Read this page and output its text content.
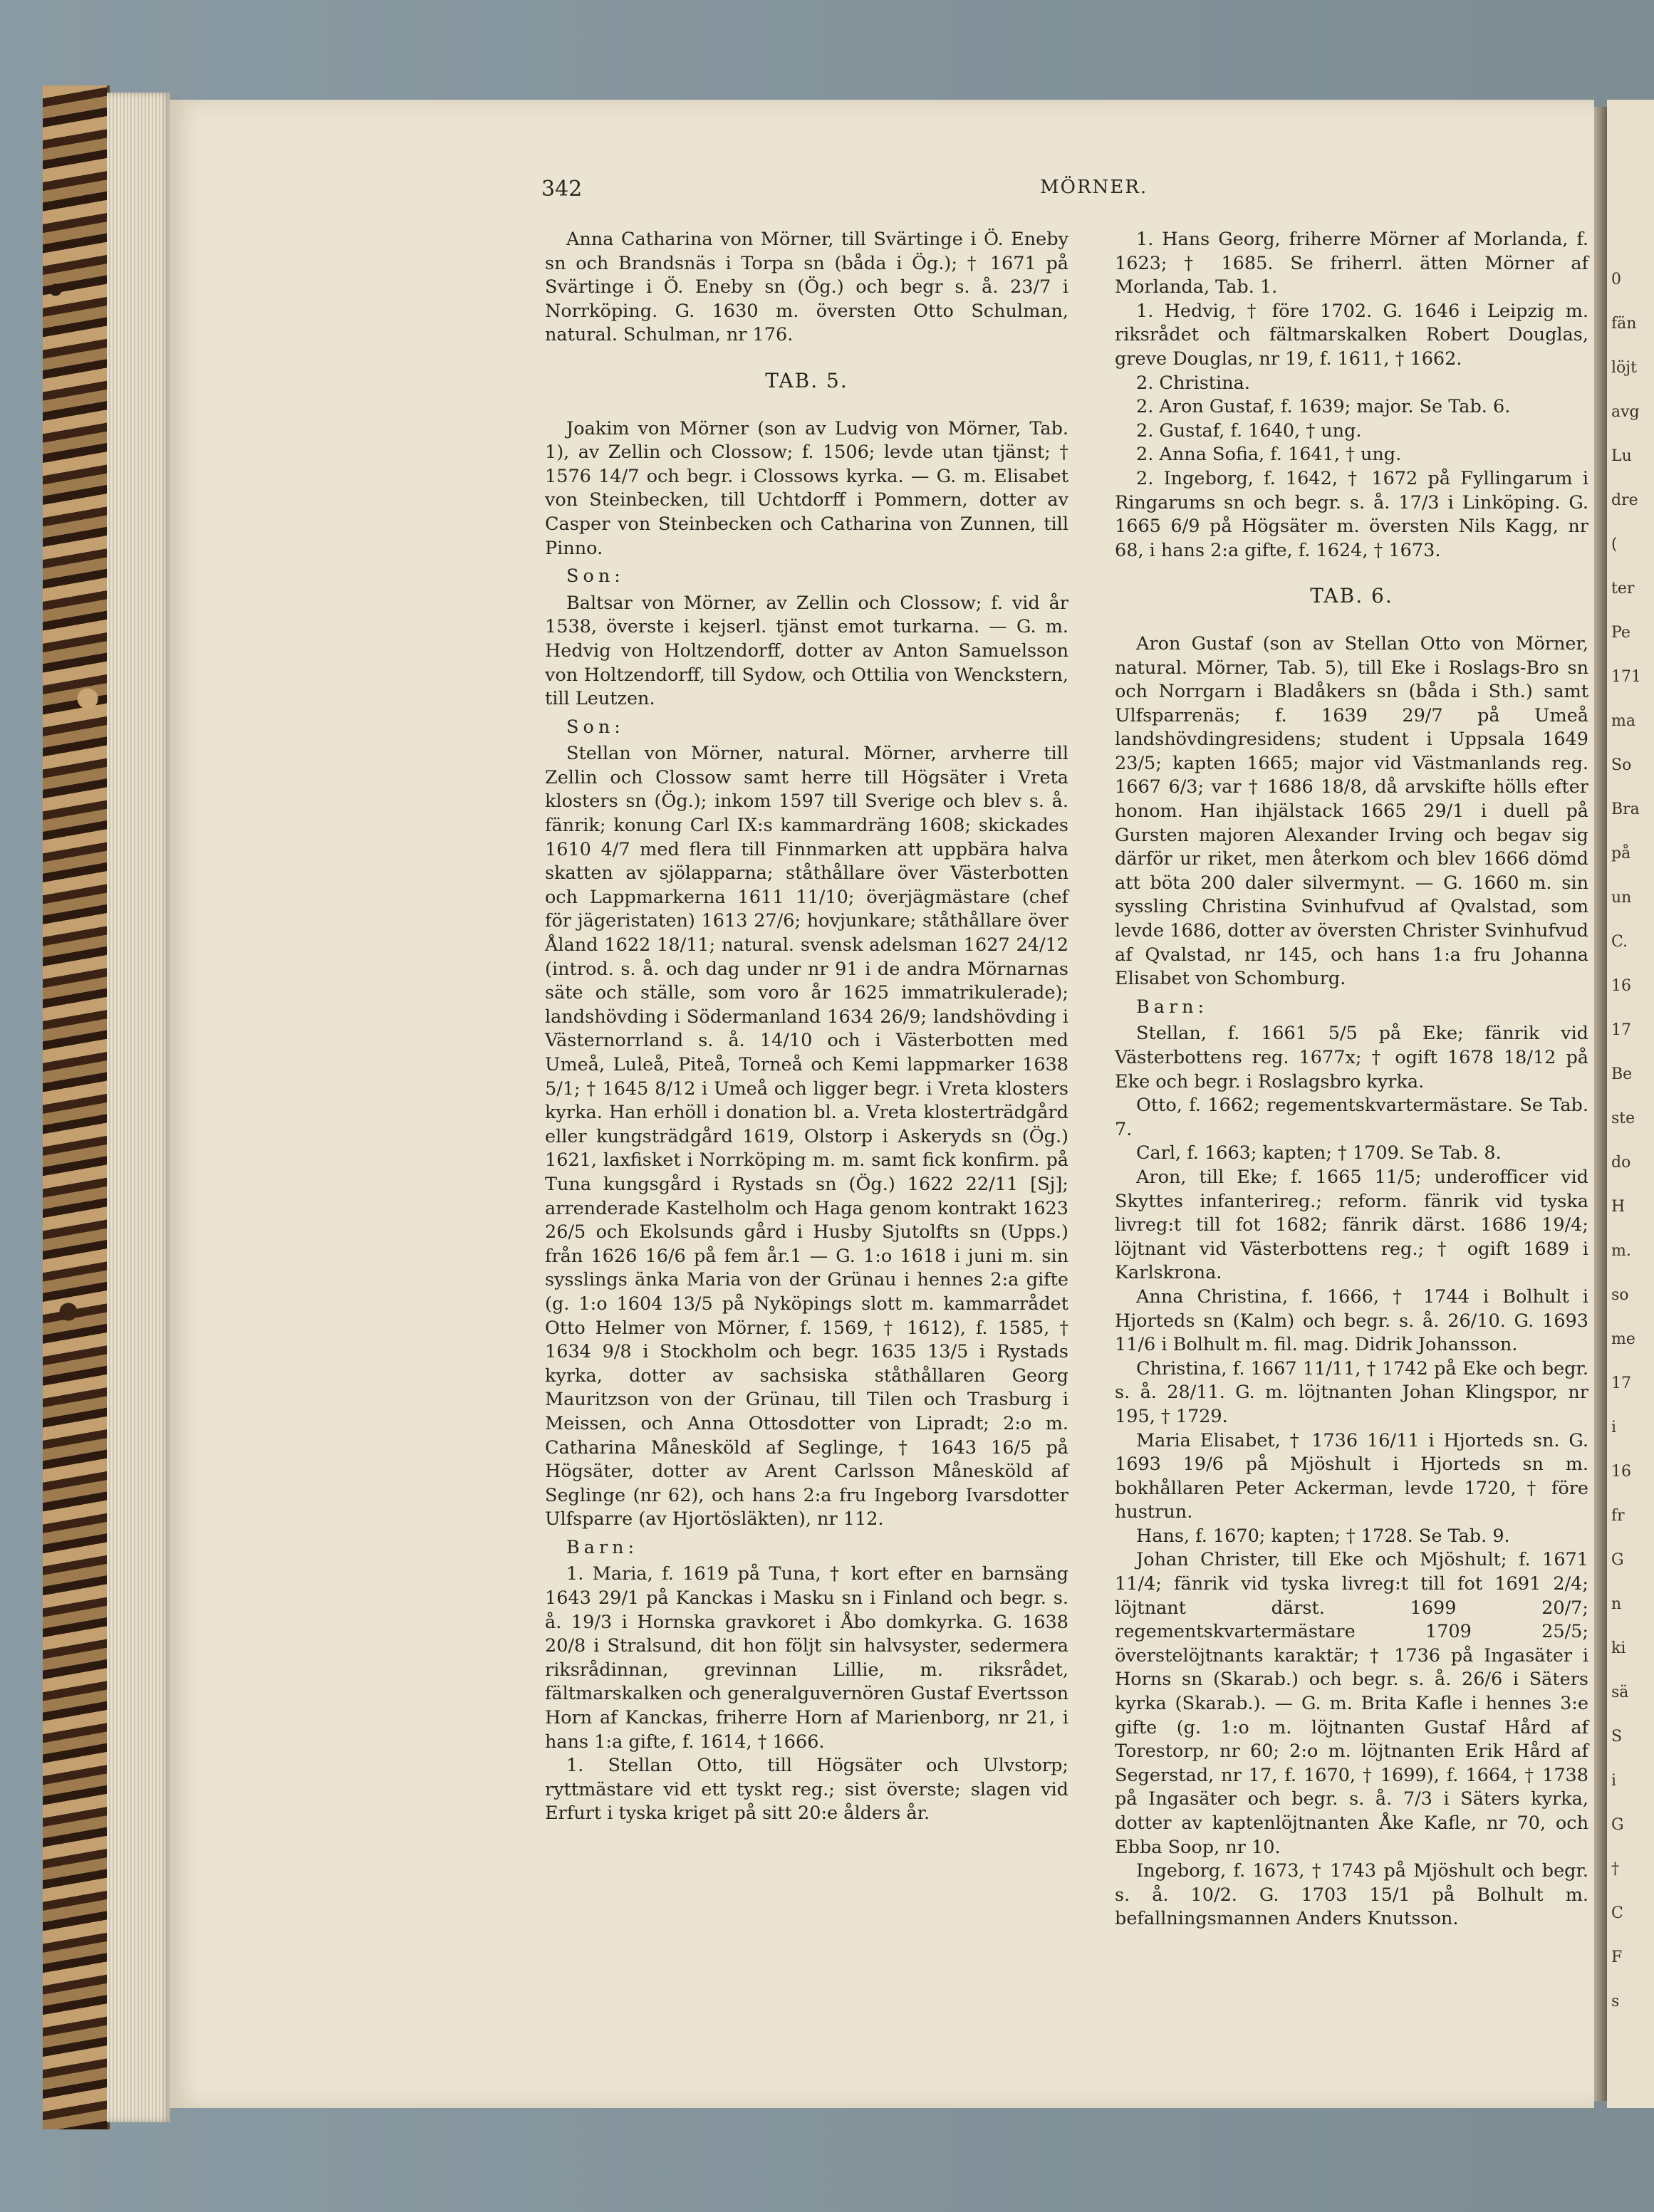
0
fän
löjt
avg
Lu
dre
(
ter
Pe
171
ma
So
Bra
på
un
C.
16
17
Be
ste
do
H
m.
so
me
17
i
16
fr
G
n
ki
sä
S
i
G
†
C
F
s
342	MÖRNER.

Anna Catharina von Mörner, till Svärtinge i Ö. Eneby sn och Brandsnäs i Torpa sn (båda i Ög.); † 1671 på Svärtinge i Ö. Eneby sn (Ög.) och begr s. å. 23/7 i Norrköping. G. 1630 m. översten Otto Schulman, natural. Schulman, nr 176.

TAB. 5.

Joakim von Mörner (son av Ludvig von Mörner, Tab. 1), av Zellin och Clossow; f. 1506; levde utan tjänst; † 1576 14/7 och begr. i Clossows kyrka. — G. m. Elisabet von Steinbecken, till Uchtdorff i Pommern, dotter av Casper von Steinbecken och Catharina von Zunnen, till Pinno.

Son:

Baltsar von Mörner, av Zellin och Clossow; f. vid år 1538, överste i kejserl. tjänst emot turkarna. — G. m. Hedvig von Holtzendorff, dotter av Anton Samuelsson von Holtzendorff, till Sydow, och Ottilia von Wenckstern, till Leutzen.

Son:

Stellan von Mörner, natural. Mörner, arvherre till Zellin och Clossow samt herre till Högsäter i Vreta klosters sn (Ög.); inkom 1597 till Sverige och blev s. å. fänrik; konung Carl IX:s kammardräng 1608; skickades 1610 4/7 med flera till Finnmarken att uppbära halva skatten av sjölapparna; ståthållare över Västerbotten och Lappmarkerna 1611 11/10; överjägmästare (chef för jägeristaten) 1613 27/6; hovjunkare; ståthållare över Åland 1622 18/11; natural. svensk adelsman 1627 24/12 (introd. s. å. och dag under nr 91 i de andra Mörnarnas säte och ställe, som voro år 1625 immatrikulerade); landshövding i Södermanland 1634 26/9; landshövding i Västernorrland s. å. 14/10 och i Västerbotten med Umeå, Luleå, Piteå, Torneå och Kemi lappmarker 1638 5/1; † 1645 8/12 i Umeå och ligger begr. i Vreta klosters kyrka. Han erhöll i donation bl. a. Vreta klosterträdgård eller kungsträdgård 1619, Olstorp i Askeryds sn (Ög.) 1621, laxfisket i Norrköping m. m. samt fick konfirm. på Tuna kungsgård i Rystads sn (Ög.) 1622 22/11 [Sj]; arrenderade Kastelholm och Haga genom kontrakt 1623 26/5 och Ekolsunds gård i Husby Sjutolfts sn (Upps.) från 1626 16/6 på fem år.1 — G. 1:o 1618 i juni m. sin sysslings änka Maria von der Grünau i hennes 2:a gifte (g. 1:o 1604 13/5 på Nyköpings slott m. kammarrådet Otto Helmer von Mörner, f. 1569, † 1612), f. 1585, † 1634 9/8 i Stockholm och begr. 1635 13/5 i Rystads kyrka, dotter av sachsiska ståthållaren Georg Mauritzson von der Grünau, till Tilen och Trasburg i Meissen, och Anna Ottosdotter von Lipradt; 2:o m. Catharina Månesköld af Seglinge, † 1643 16/5 på Högsäter, dotter av Arent Carlsson Månesköld af Seglinge (nr 62), och hans 2:a fru Ingeborg Ivarsdotter Ulfsparre (av Hjortösläkten), nr 112.

Barn:

1. Maria, f. 1619 på Tuna, † kort efter en barnsäng 1643 29/1 på Kanckas i Masku sn i Finland och begr. s. å. 19/3 i Hornska gravkoret i Åbo domkyrka. G. 1638 20/8 i Stralsund, dit hon följt sin halvsyster, sedermera riksrådinnan, grevinnan Lillie, m. riksrådet, fältmarskalken och generalguvernören Gustaf Evertsson Horn af Kanckas, friherre Horn af Marienborg, nr 21, i hans 1:a gifte, f. 1614, † 1666.

1. Stellan Otto, till Högsäter och Ulvstorp; ryttmästare vid ett tyskt reg.; sist överste; slagen vid Erfurt i tyska kriget på sitt 20:e ålders år.

1. Hans Georg, friherre Mörner af Morlanda, f. 1623; † 1685. Se friherrl. ätten Mörner af Morlanda, Tab. 1.

1. Hedvig, † före 1702. G. 1646 i Leipzig m. riksrådet och fältmarskalken Robert Douglas, greve Douglas, nr 19, f. 1611, † 1662.

2. Christina.

2. Aron Gustaf, f. 1639; major. Se Tab. 6.

2. Gustaf, f. 1640, † ung.

2. Anna Sofia, f. 1641, † ung.

2. Ingeborg, f. 1642, † 1672 på Fyllingarum i Ringarums sn och begr. s. å. 17/3 i Linköping. G. 1665 6/9 på Högsäter m. översten Nils Kagg, nr 68, i hans 2:a gifte, f. 1624, † 1673.

TAB. 6.

Aron Gustaf (son av Stellan Otto von Mörner, natural. Mörner, Tab. 5), till Eke i Roslags-Bro sn och Norrgarn i Bladåkers sn (båda i Sth.) samt Ulfsparrenäs; f. 1639 29/7 på Umeå landshövdingresidens; student i Uppsala 1649 23/5; kapten 1665; major vid Västmanlands reg. 1667 6/3; var † 1686 18/8, då arvskifte hölls efter honom. Han ihjälstack 1665 29/1 i duell på Gursten majoren Alexander Irving och begav sig därför ur riket, men återkom och blev 1666 dömd att böta 200 daler silvermynt. — G. 1660 m. sin syssling Christina Svinhufvud af Qvalstad, som levde 1686, dotter av översten Christer Svinhufvud af Qvalstad, nr 145, och hans 1:a fru Johanna Elisabet von Schomburg.

Barn:

Stellan, f. 1661 5/5 på Eke; fänrik vid Västerbottens reg. 1677x; † ogift 1678 18/12 på Eke och begr. i Roslagsbro kyrka.

Otto, f. 1662; regementskvartermästare. Se Tab. 7.

Carl, f. 1663; kapten; † 1709. Se Tab. 8.

Aron, till Eke; f. 1665 11/5; underofficer vid Skyttes infanterireg.; reform. fänrik vid tyska livreg:t till fot 1682; fänrik därst. 1686 19/4; löjtnant vid Västerbottens reg.; † ogift 1689 i Karlskrona.

Anna Christina, f. 1666, † 1744 i Bolhult i Hjorteds sn (Kalm) och begr. s. å. 26/10. G. 1693 11/6 i Bolhult m. fil. mag. Didrik Johansson.

Christina, f. 1667 11/11, † 1742 på Eke och begr. s. å. 28/11. G. m. löjtnanten Johan Klingspor, nr 195, † 1729.

Maria Elisabet, † 1736 16/11 i Hjorteds sn. G. 1693 19/6 på Mjöshult i Hjorteds sn m. bokhållaren Peter Ackerman, levde 1720, † före hustrun.

Hans, f. 1670; kapten; † 1728. Se Tab. 9.

Johan Christer, till Eke och Mjöshult; f. 1671 11/4; fänrik vid tyska livreg:t till fot 1691 2/4; löjtnant därst. 1699 20/7; regementskvartermästare 1709 25/5; överstelöjtnants karaktär; † 1736 på Ingasäter i Horns sn (Skarab.) och begr. s. å. 26/6 i Säters kyrka (Skarab.). — G. m. Brita Kafle i hennes 3:e gifte (g. 1:o m. löjtnanten Gustaf Hård af Torestorp, nr 60; 2:o m. löjtnanten Erik Hård af Segerstad, nr 17, f. 1670, † 1699), f. 1664, † 1738 på Ingasäter och begr. s. å. 7/3 i Säters kyrka, dotter av kaptenlöjtnanten Åke Kafle, nr 70, och Ebba Soop, nr 10.

Ingeborg, f. 1673, † 1743 på Mjöshult och begr. s. å. 10/2. G. 1703 15/1 på Bolhult m. befallningsmannen Anders Knutsson.
